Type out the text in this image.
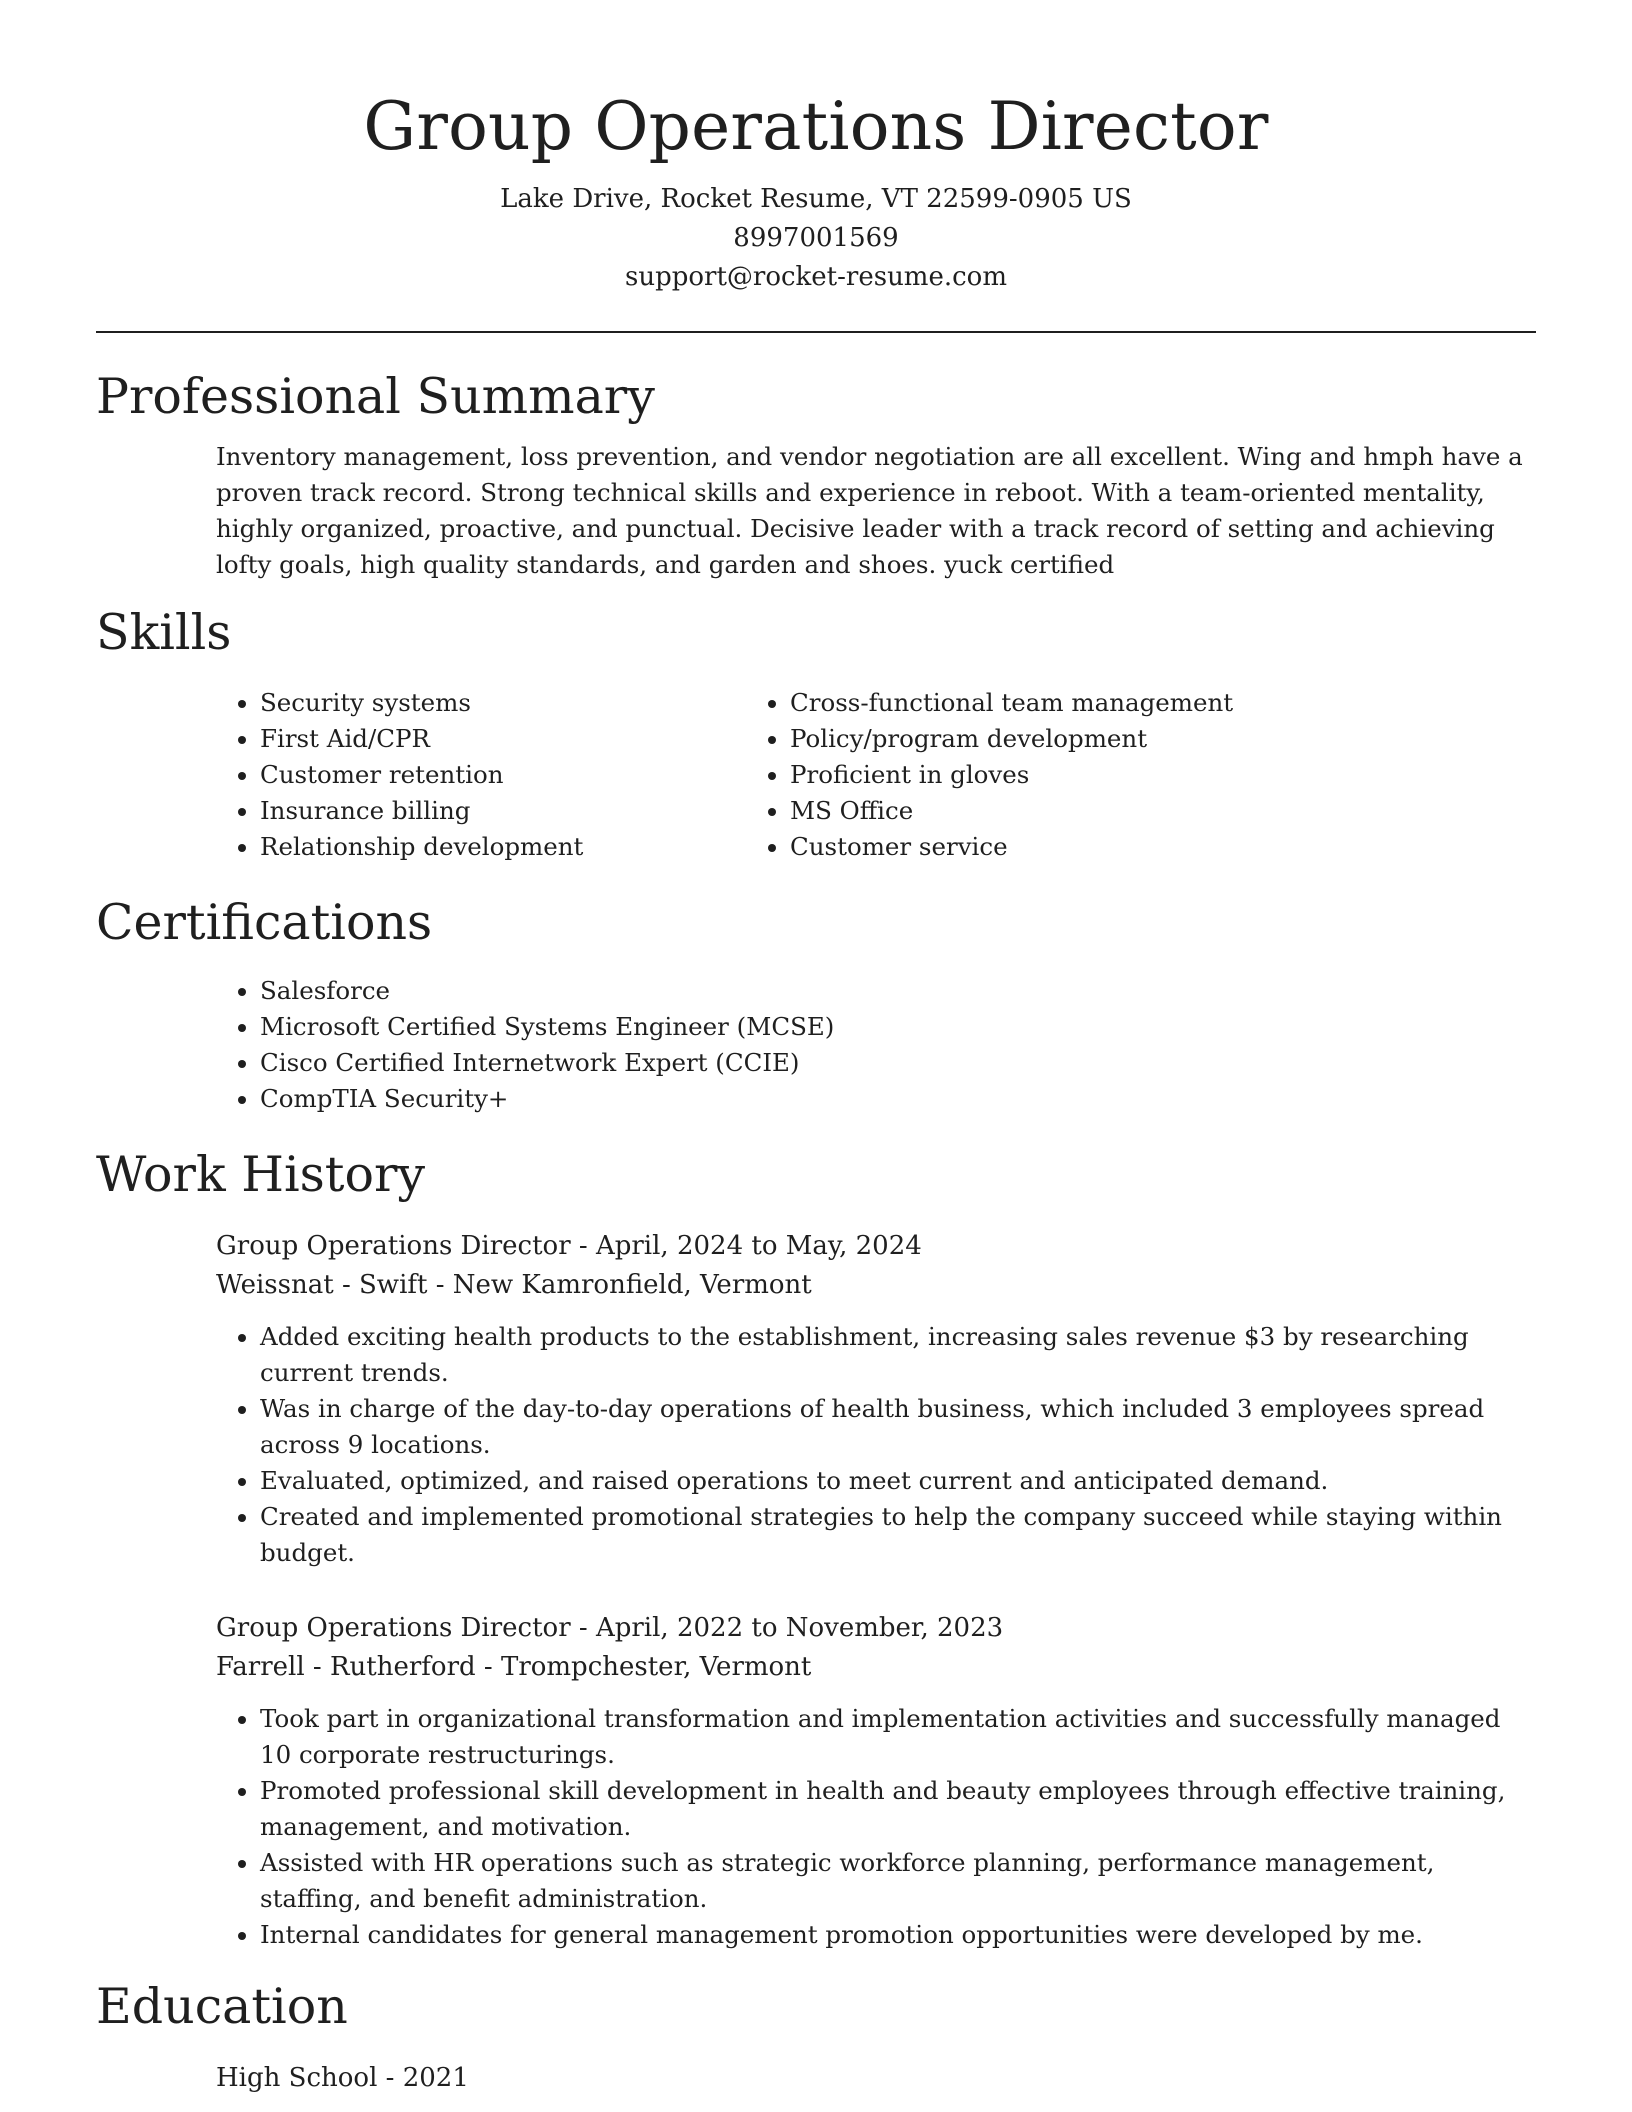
Group Operations Director
Lake Drive, Rocket Resume, VT 22599-0905 US
8997001569
support@rocket-resume.com
Professional Summary

Inventory management, loss prevention, and vendor negotiation are all excellent. Wing and hmph have a proven track record. Strong technical skills and experience in reboot. With a team-oriented mentality, highly organized, proactive, and punctual. Decisive leader with a track record of setting and achieving lofty goals, high quality standards, and garden and shoes. yuck certified

Skills
• Security systems
• First Aid/CPR
• Customer retention
• Insurance billing
• Relationship development
• Cross-functional team management
• Policy/program development
• Proficient in gloves
• MS Office
• Customer service
Certifications
• Salesforce
• Microsoft Certified Systems Engineer (MCSE)
• Cisco Certified Internetwork Expert (CCIE)
• CompTIA Security+
Work History
Group Operations Director - April, 2024 to May, 2024
Weissnat - Swift - New Kamronfield, Vermont
• Added exciting health products to the establishment, increasing sales revenue $3 by researching current trends.
• Was in charge of the day-to-day operations of health business, which included 3 employees spread across 9 locations.
• Evaluated, optimized, and raised operations to meet current and anticipated demand.
• Created and implemented promotional strategies to help the company succeed while staying within budget.
Group Operations Director - April, 2022 to November, 2023
Farrell - Rutherford - Trompchester, Vermont
• Took part in organizational transformation and implementation activities and successfully managed 10 corporate restructurings.
• Promoted professional skill development in health and beauty employees through effective training, management, and motivation.
• Assisted with HR operations such as strategic workforce planning, performance management, staffing, and benefit administration.
• Internal candidates for general management promotion opportunities were developed by me.
Education
High School - 2021
